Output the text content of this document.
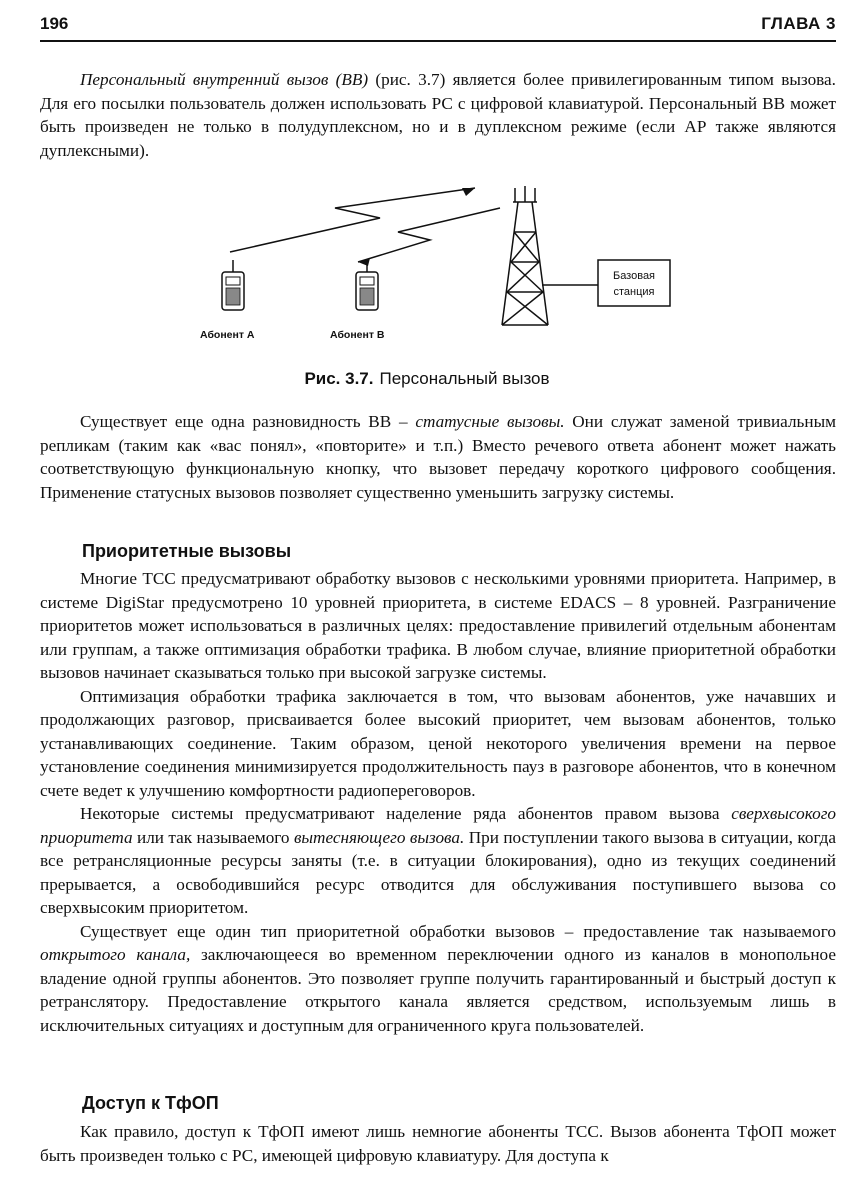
196	ГЛАВА 3

Персональный внутренний вызов (ВВ) (рис. 3.7) является более привилегированным типом вызова. Для его посылки пользователь должен использовать РС с цифровой клавиатурой. Персональный ВВ может быть произведен не только в полудуплексном, но и в дуплексном режиме (если АР также являются дуплексными).

Абонент А	Абонент В
Базовая
станция
Рис. 3.7. Персональный вызов

Существует еще одна разновидность ВВ – статусные вызовы. Они служат заменой тривиальным репликам (таким как «вас понял», «повторите» и т.п.) Вместо речевого ответа абонент может нажать соответствующую функциональную кнопку, что вызовет передачу короткого цифрового сообщения. Применение статусных вызовов позволяет существенно уменьшить загрузку системы.

Приоритетные вызовы

Многие ТСС предусматривают обработку вызовов с несколькими уровнями приоритета. Например, в системе DigiStar предусмотрено 10 уровней приоритета, в системе EDACS – 8 уровней. Разграничение приоритетов может использоваться в различных целях: предоставление привилегий отдельным абонентам или группам, а также оптимизация обработки трафика. В любом случае, влияние приоритетной обработки вызовов начинает сказываться только при высокой загрузке системы.

Оптимизация обработки трафика заключается в том, что вызовам абонентов, уже начавших и продолжающих разговор, присваивается более высокий приоритет, чем вызовам абонентов, только устанавливающих соединение. Таким образом, ценой некоторого увеличения времени на первое установление соединения минимизируется продолжительность пауз в разговоре абонентов, что в конечном счете ведет к улучшению комфортности радиопереговоров.

Некоторые системы предусматривают наделение ряда абонентов правом вызова сверхвысокого приоритета или так называемого вытесняющего вызова. При поступлении такого вызова в ситуации, когда все ретрансляционные ресурсы заняты (т.е. в ситуации блокирования), одно из текущих соединений прерывается, а освободившийся ресурс отводится для обслуживания поступившего вызова со сверхвысоким приоритетом.

Существует еще один тип приоритетной обработки вызовов – предоставление так называемого открытого канала, заключающееся во временном переключении одного из каналов в монопольное владение одной группы абонентов. Это позволяет группе получить гарантированный и быстрый доступ к ретранслятору. Предоставление открытого канала является средством, используемым лишь в исключительных ситуациях и доступным для ограниченного круга пользователей.

Доступ к ТфОП

Как правило, доступ к ТфОП имеют лишь немногие абоненты ТСС. Вызов абонента ТфОП может быть произведен только с РС, имеющей цифровую клавиатуру. Для доступа к
